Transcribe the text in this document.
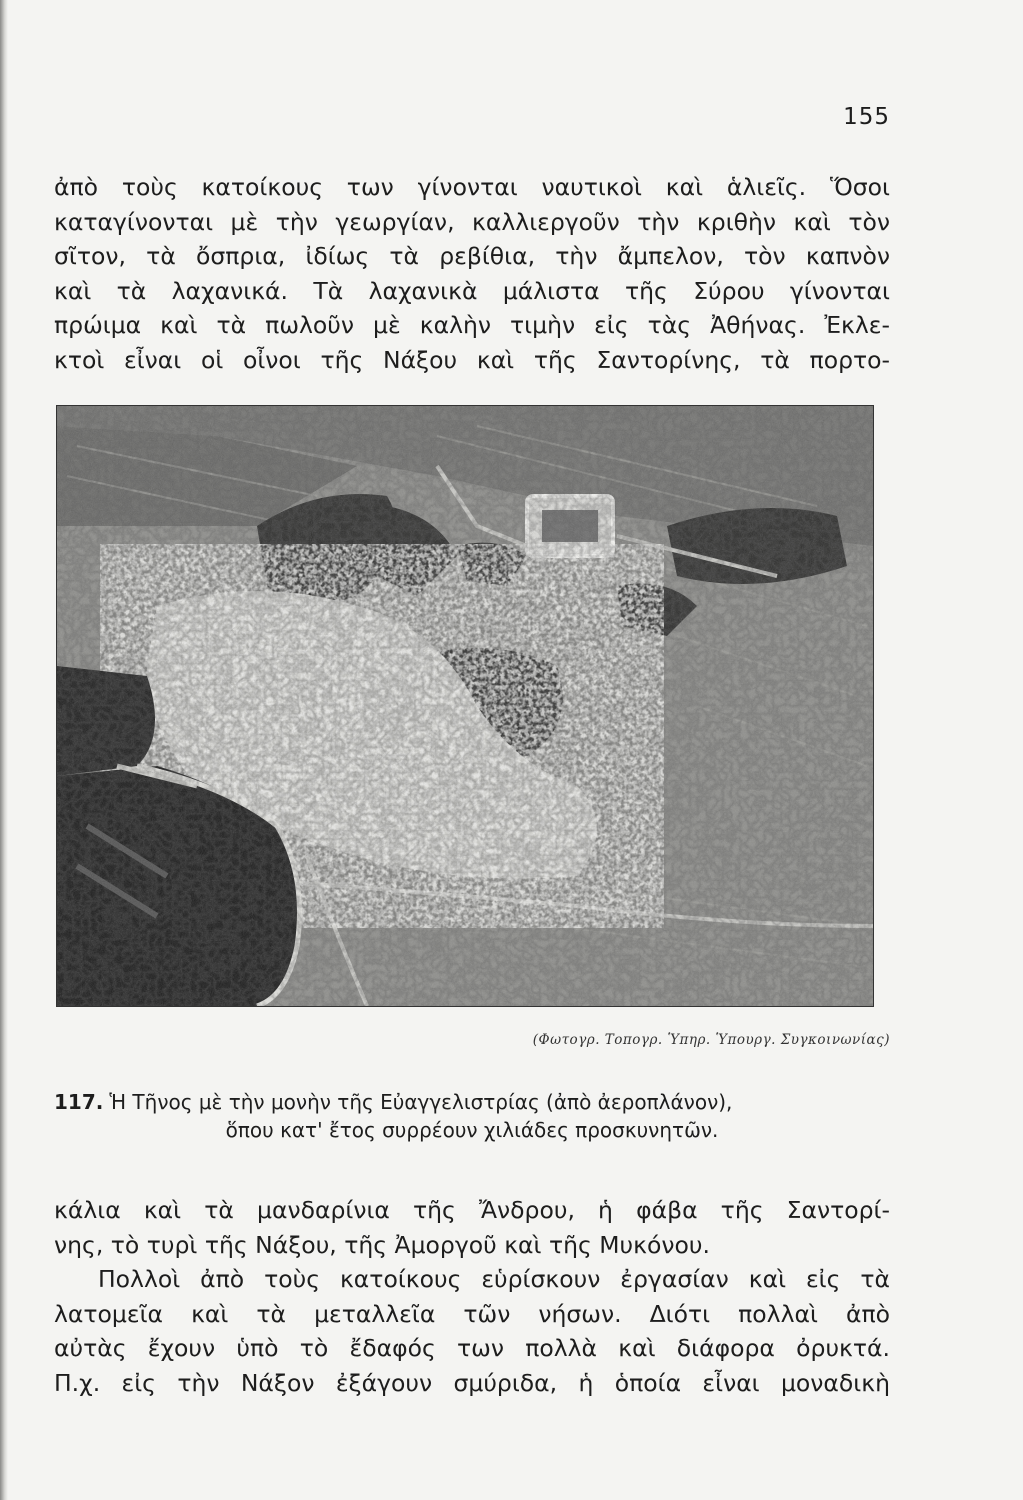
155
ἀπὸ τοὺς κατοίκους των γίνονται ναυτικοὶ καὶ ἁλιεῖς. Ὅσοι
καταγίνονται μὲ τὴν γεωργίαν, καλλιεργοῦν τὴν κριθὴν καὶ τὸν
σῖτον, τὰ ὄσπρια, ἰδίως τὰ ρεβίθια, τὴν ἄμπελον, τὸν καπνὸν
καὶ τὰ λαχανικά. Τὰ λαχανικὰ μάλιστα τῆς Σύρου γίνονται
πρώιμα καὶ τὰ πωλοῦν μὲ καλὴν τιμὴν εἰς τὰς Ἀθήνας. Ἐκλε-
κτοὶ εἶναι οἱ οἶνοι τῆς Νάξου καὶ τῆς Σαντορίνης, τὰ πορτο-
(Φωτογρ. Τοπογρ. Ὑπηρ. Ὑπουργ. Συγκοινωνίας)
117. Ἡ Τῆνος μὲ τὴν μονὴν τῆς Εὐαγγελιστρίας (ἀπὸ ἀεροπλάνον),
ὅπου κατ' ἔτος συρρέουν χιλιάδες προσκυνητῶν.
κάλια καὶ τὰ μανδαρίνια τῆς Ἄνδρου, ἡ φάβα τῆς Σαντορί-
νης, τὸ τυρὶ τῆς Νάξου, τῆς Ἀμοργοῦ καὶ τῆς Μυκόνου.
Πολλοὶ ἀπὸ τοὺς κατοίκους εὑρίσκουν ἐργασίαν καὶ εἰς τὰ
λατομεῖα καὶ τὰ μεταλλεῖα τῶν νήσων. Διότι πολλαὶ ἀπὸ
αὐτὰς ἔχουν ὑπὸ τὸ ἔδαφός των πολλὰ καὶ διάφορα ὀρυκτά.
Π.χ. εἰς τὴν Νάξον ἐξάγουν σμύριδα, ἡ ὁποία εἶναι μοναδικὴ
